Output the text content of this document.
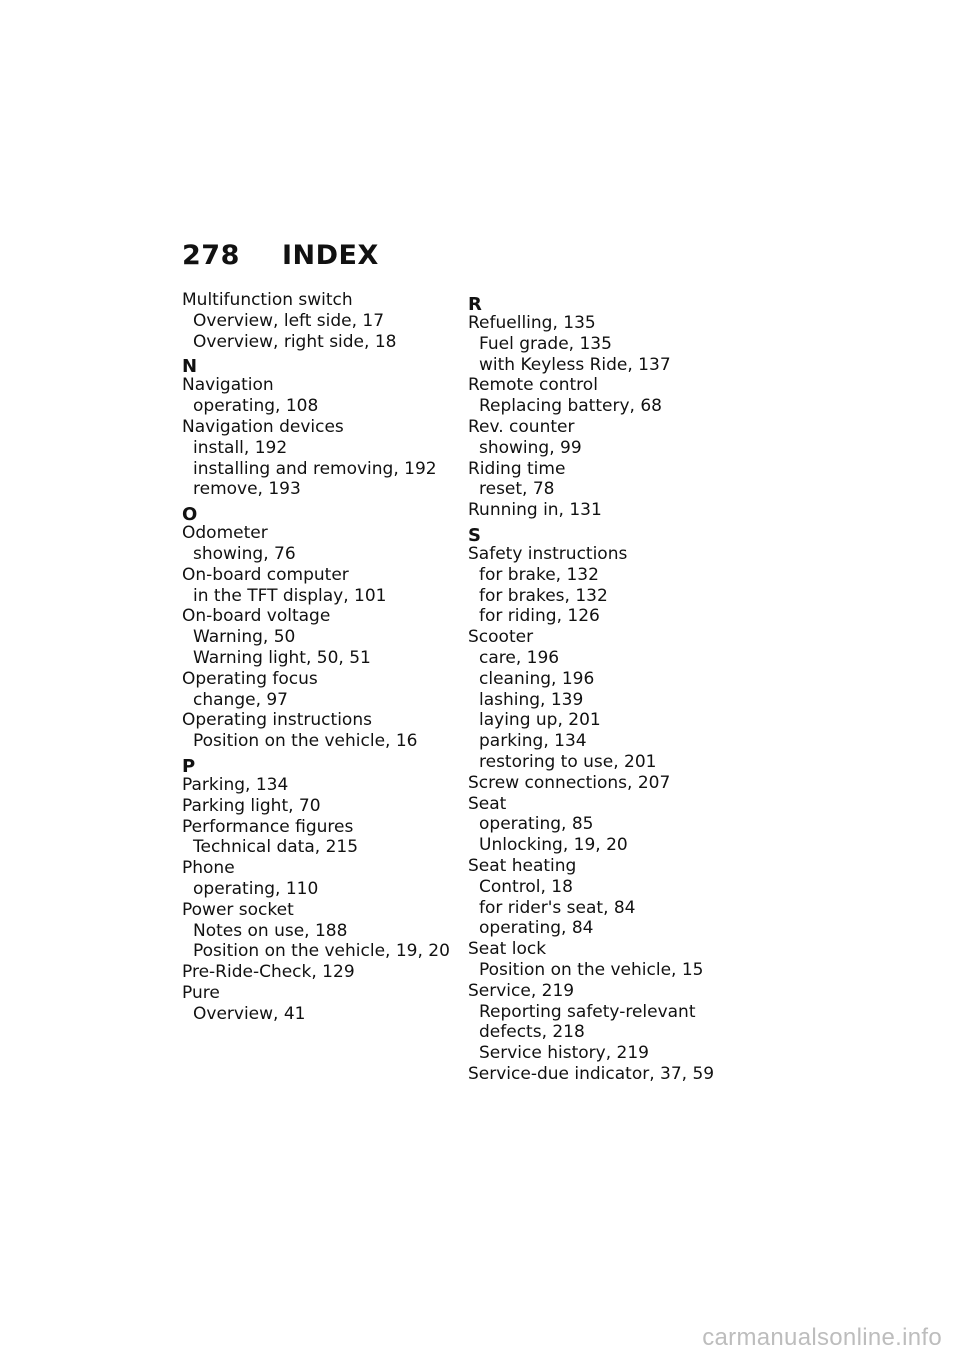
278 INDEX
Multifunction switch
Overview, left side, 17
Overview, right side, 18
N
Navigation
operating, 108
Navigation devices
install, 192
installing and removing, 192
remove, 193
O
Odometer
showing, 76
On-board computer
in the TFT display, 101
On-board voltage
Warning, 50
Warning light, 50, 51
Operating focus
change, 97
Operating instructions
Position on the vehicle, 16
P
Parking, 134
Parking light, 70
Performance figures
Technical data, 215
Phone
operating, 110
Power socket
Notes on use, 188
Position on the vehicle, 19, 20
Pre-Ride-Check, 129
Pure
Overview, 41
R
Refuelling, 135
Fuel grade, 135
with Keyless Ride, 137
Remote control
Replacing battery, 68
Rev. counter
showing, 99
Riding time
reset, 78
Running in, 131
S
Safety instructions
for brake, 132
for brakes, 132
for riding, 126
Scooter
care, 196
cleaning, 196
lashing, 139
laying up, 201
parking, 134
restoring to use, 201
Screw connections, 207
Seat
operating, 85
Unlocking, 19, 20
Seat heating
Control, 18
for rider's seat, 84
operating, 84
Seat lock
Position on the vehicle, 15
Service, 219
Reporting safety-relevant
defects, 218
Service history, 219
Service-due indicator, 37, 59
carmanualsonline.info
